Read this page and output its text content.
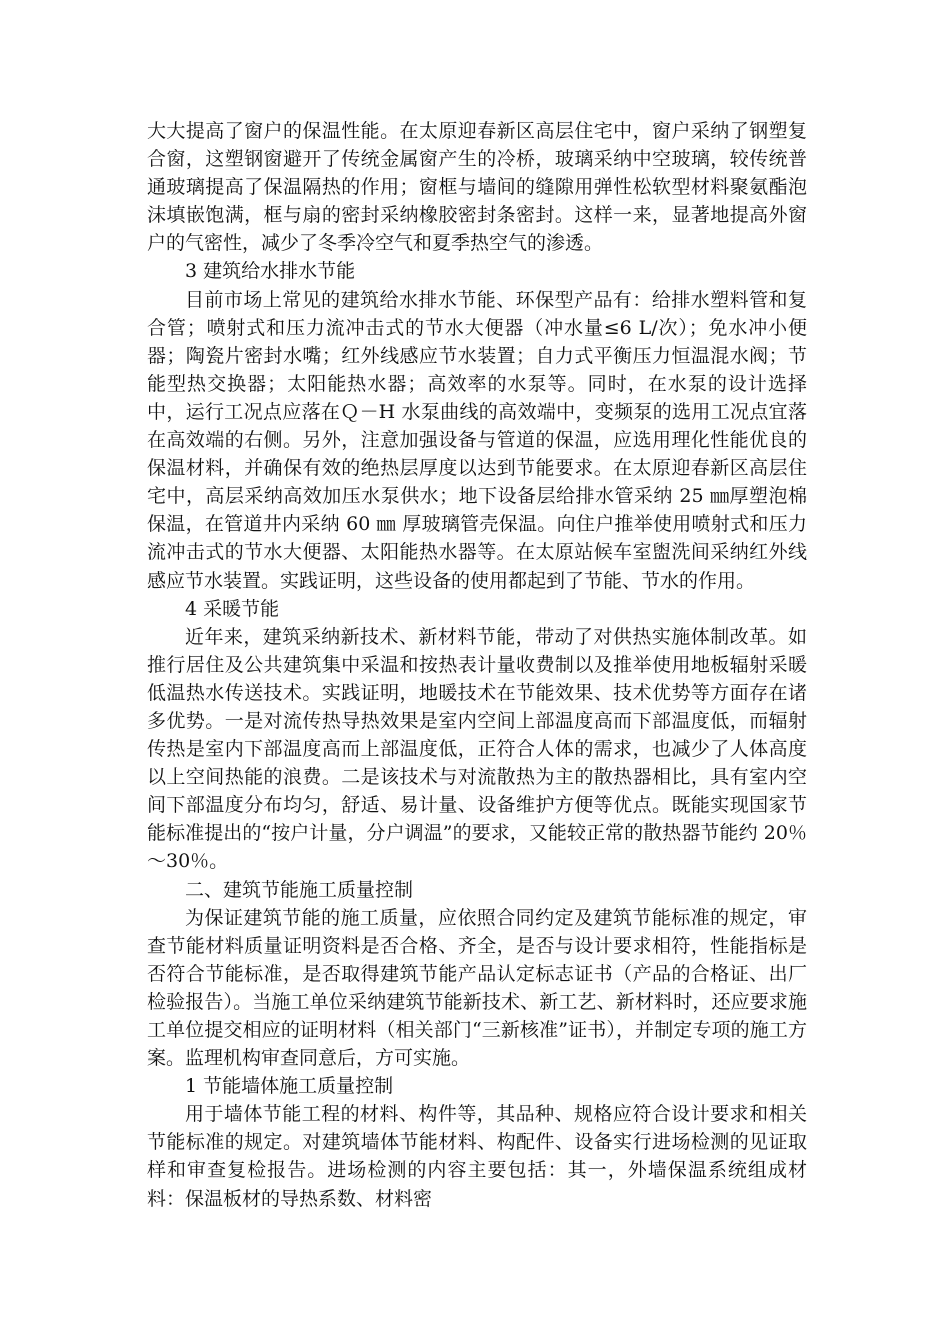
大大提高了窗户的保温性能。在太原迎春新区高层住宅中，窗户采纳了钢塑复合窗，这塑钢窗避开了传统金属窗产生的冷桥，玻璃采纳中空玻璃，较传统普通玻璃提高了保温隔热的作用；窗框与墙间的缝隙用弹性松软型材料聚氨酯泡沫填嵌饱满，框与扇的密封采纳橡胶密封条密封。这样一来，显著地提高外窗户的气密性，减少了冬季冷空气和夏季热空气的渗透。

3 建筑给水排水节能

目前市场上常见的建筑给水排水节能、环保型产品有：给排水塑料管和复合管；喷射式和压力流冲击式的节水大便器（冲水量≤6 L/次）；免水冲小便器；陶瓷片密封水嘴；红外线感应节水装置；自力式平衡压力恒温混水阀；节能型热交换器；太阳能热水器；高效率的水泵等。同时，在水泵的设计选择中，运行工况点应落在Ｑ－H 水泵曲线的高效端中，变频泵的选用工况点宜落在高效端的右侧。另外，注意加强设备与管道的保温，应选用理化性能优良的保温材料，并确保有效的绝热层厚度以达到节能要求。在太原迎春新区高层住宅中，高层采纳高效加压水泵供水；地下设备层给排水管采纳 25 ㎜厚塑泡棉保温，在管道井内采纳 60 ㎜ 厚玻璃管壳保温。向住户推举使用喷射式和压力流冲击式的节水大便器、太阳能热水器等。在太原站候车室盥洗间采纳红外线感应节水装置。实践证明，这些设备的使用都起到了节能、节水的作用。

4 采暖节能

近年来，建筑采纳新技术、新材料节能，带动了对供热实施体制改革。如推行居住及公共建筑集中采温和按热表计量收费制以及推举使用地板辐射采暖低温热水传送技术。实践证明，地暖技术在节能效果、技术优势等方面存在诸多优势。一是对流传热导热效果是室内空间上部温度高而下部温度低，而辐射传热是室内下部温度高而上部温度低，正符合人体的需求，也减少了人体高度以上空间热能的浪费。二是该技术与对流散热为主的散热器相比，具有室内空间下部温度分布均匀，舒适、易计量、设备维护方便等优点。既能实现国家节能标准提出的“按户计量，分户调温”的要求，又能较正常的散热器节能约 20％～30％。

二、建筑节能施工质量控制

为保证建筑节能的施工质量，应依照合同约定及建筑节能标准的规定，审查节能材料质量证明资料是否合格、齐全，是否与设计要求相符，性能指标是否符合节能标准，是否取得建筑节能产品认定标志证书（产品的合格证、出厂检验报告）。当施工单位采纳建筑节能新技术、新工艺、新材料时，还应要求施工单位提交相应的证明材料（相关部门“三新核准”证书），并制定专项的施工方案。监理机构审查同意后，方可实施。

1 节能墙体施工质量控制

用于墙体节能工程的材料、构件等，其品种、规格应符合设计要求和相关节能标准的规定。对建筑墙体节能材料、构配件、设备实行进场检测的见证取样和审查复检报告。进场检测的内容主要包括：其一，外墙保温系统组成材料：保温板材的导热系数、材料密
